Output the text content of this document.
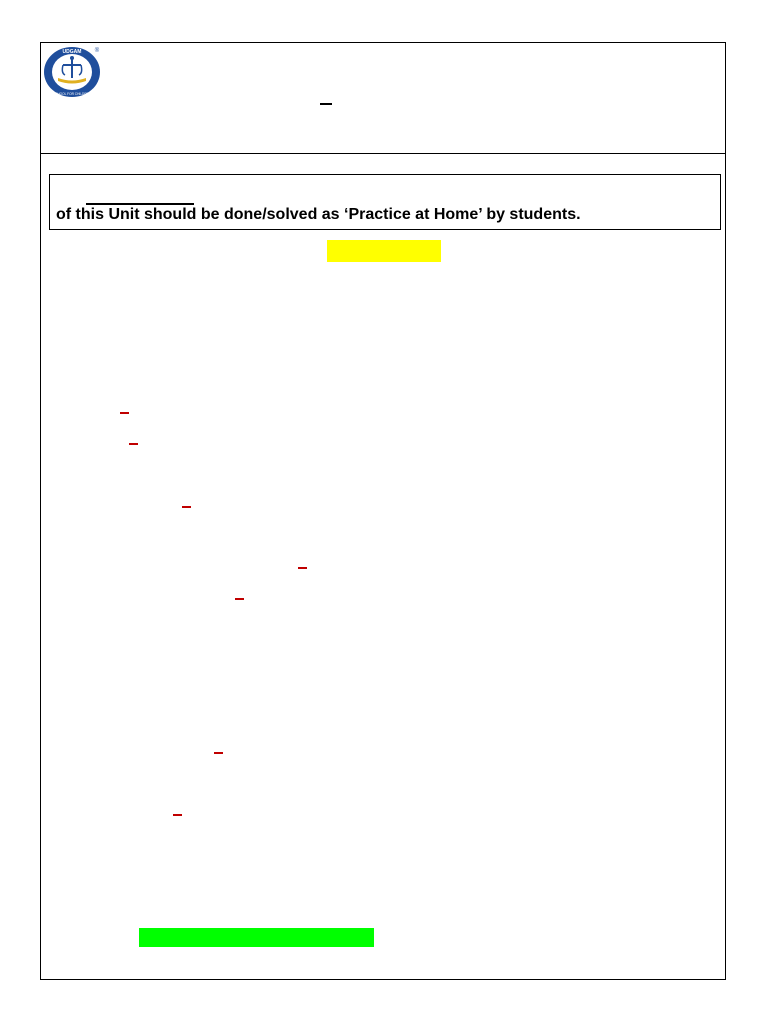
UDGAM
SCHOOL FOR CHILDREN
®
of this Unit should be done/solved as ‘Practice at Home’ by students.
